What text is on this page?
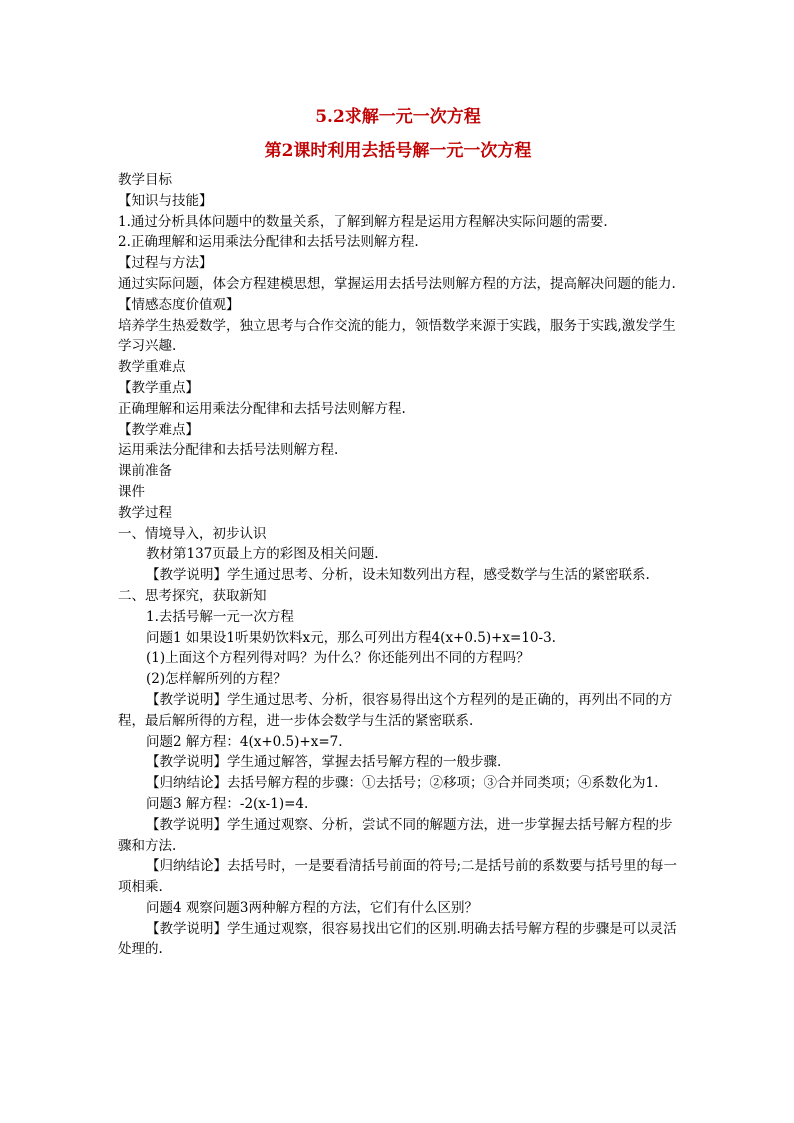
5.2求解一元一次方程
第2课时利用去括号解一元一次方程

教学目标

【知识与技能】

1.通过分析具体问题中的数量关系，了解到解方程是运用方程解决实际问题的需要.

2.正确理解和运用乘法分配律和去括号法则解方程.

【过程与方法】

通过实际问题，体会方程建模思想，掌握运用去括号法则解方程的方法，提高解决问题的能力.

【情感态度价值观】

培养学生热爱数学，独立思考与合作交流的能力，领悟数学来源于实践，服务于实践,激发学生学习兴趣.

教学重难点

【教学重点】

正确理解和运用乘法分配律和去括号法则解方程.

【教学难点】

运用乘法分配律和去括号法则解方程.

课前准备

课件

教学过程

一、情境导入，初步认识

教材第137页最上方的彩图及相关问题.

【教学说明】学生通过思考、分析，设未知数列出方程，感受数学与生活的紧密联系.

二、思考探究，获取新知

1.去括号解一元一次方程

问题1 如果设1听果奶饮料x元，那么可列出方程4(x+0.5)+x=10-3.

(1)上面这个方程列得对吗？为什么？你还能列出不同的方程吗？

(2)怎样解所列的方程？

【教学说明】学生通过思考、分析，很容易得出这个方程列的是正确的，再列出不同的方程，最后解所得的方程，进一步体会数学与生活的紧密联系.

问题2 解方程：4(x+0.5)+x=7.

【教学说明】学生通过解答，掌握去括号解方程的一般步骤.

【归纳结论】去括号解方程的步骤：①去括号；②移项；③合并同类项；④系数化为1.

问题3 解方程：-2(x-1)=4.

【教学说明】学生通过观察、分析，尝试不同的解题方法，进一步掌握去括号解方程的步骤和方法.

【归纳结论】去括号时，一是要看清括号前面的符号;二是括号前的系数要与括号里的每一项相乘.

问题4 观察问题3两种解方程的方法，它们有什么区别？

【教学说明】学生通过观察，很容易找出它们的区别.明确去括号解方程的步骤是可以灵活处理的.
